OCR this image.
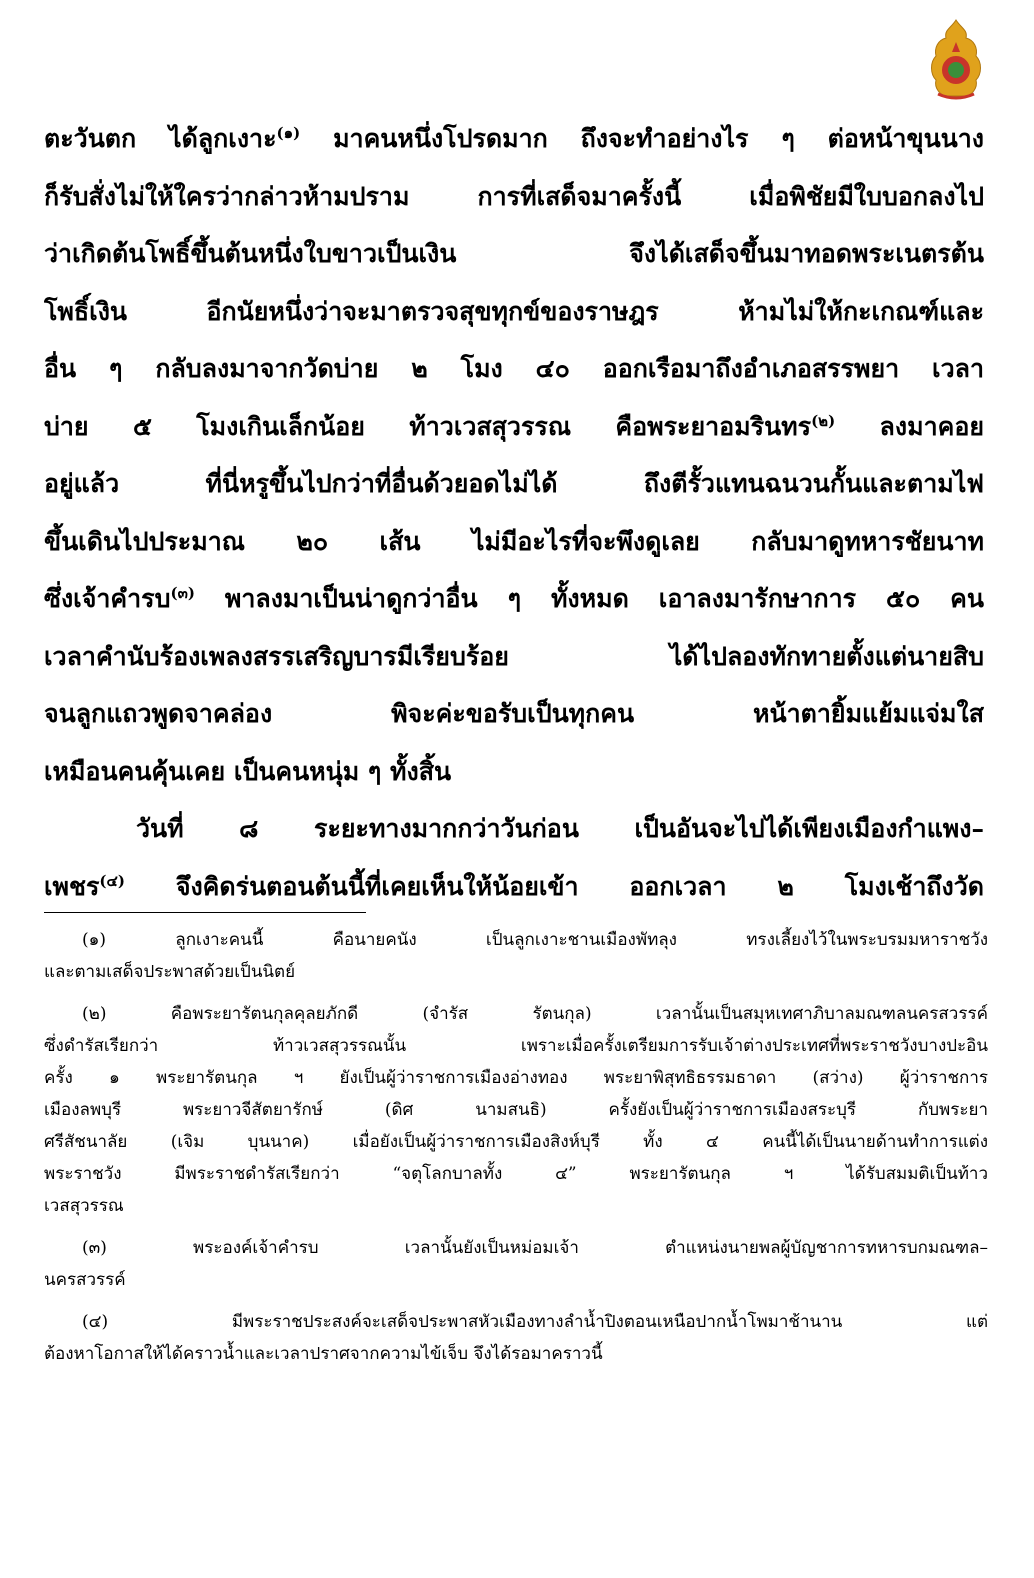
ตะวันตก ได้ลูกเงาะ$^{(๑)}$ มาคนหนึ่งโปรดมาก ถึงจะทำอย่างไร ๆ ต่อหน้าขุนนาง
ก็รับสั่งไม่ให้ใครว่ากล่าวห้ามปราม การที่เสด็จมาครั้งนี้ เมื่อพิชัยมีใบบอกลงไป
ว่าเกิดต้นโพธิ์ขึ้นต้นหนึ่งใบขาวเป็นเงิน จึงได้เสด็จขึ้นมาทอดพระเนตรต้น
โพธิ์เงิน อีกนัยหนึ่งว่าจะมาตรวจสุขทุกข์ของราษฎร ห้ามไม่ให้กะเกณฑ์และ
อื่น ๆ กลับลงมาจากวัดบ่าย ๒ โมง ๔๐ ออกเรือมาถึงอำเภอสรรพยา เวลา
บ่าย ๕ โมงเกินเล็กน้อย ท้าวเวสสุวรรณ คือพระยาอมรินทร$^{(๒)}$ ลงมาคอย
อยู่แล้ว ที่นี่หรูขึ้นไปกว่าที่อื่นด้วยอดไม่ได้ ถึงตีรั้วแทนฉนวนกั้นและตามไฟ
ขึ้นเดินไปประมาณ ๒๐ เส้น ไม่มีอะไรที่จะพึงดูเลย กลับมาดูทหารชัยนาท
ซึ่งเจ้าคำรบ$^{(๓)}$ พาลงมาเป็นน่าดูกว่าอื่น ๆ ทั้งหมด เอาลงมารักษาการ ๕๐ คน
เวลาคำนับร้องเพลงสรรเสริญบารมีเรียบร้อย ได้ไปลองทักทายตั้งแต่นายสิบ
จนลูกแถวพูดจาคล่อง พิจะค่ะขอรับเป็นทุกคน หน้าตายิ้มแย้มแจ่มใส
เหมือนคนคุ้นเคย เป็นคนหนุ่ม ๆ ทั้งสิ้น
วันที่ ๘ ระยะทางมากกว่าวันก่อน เป็นอันจะไปได้เพียงเมืองกำแพง–
เพชร$^{(๔)}$ จึงคิดร่นตอนต้นนี้ที่เคยเห็นให้น้อยเข้า ออกเวลา ๒ โมงเช้าถึงวัด
(๑) ลูกเงาะคนนี้ คือนายคนัง เป็นลูกเงาะชานเมืองพัทลุง ทรงเลี้ยงไว้ในพระบรมมหาราชวัง
และตามเสด็จประพาสด้วยเป็นนิตย์
(๒) คือพระยารัตนกุลคุลยภักดี (จำรัส รัตนกุล) เวลานั้นเป็นสมุหเทศาภิบาลมณฑลนครสวรรค์
ซึ่งดำรัสเรียกว่า ท้าวเวสสุวรรณนั้น เพราะเมื่อครั้งเตรียมการรับเจ้าต่างประเทศที่พระราชวังบางปะอิน
ครั้ง ๑ พระยารัตนกุล ฯ ยังเป็นผู้ว่าราชการเมืองอ่างทอง พระยาพิสุทธิธรรมธาดา (สว่าง) ผู้ว่าราชการ
เมืองลพบุรี พระยาวจีสัตยารักษ์ (ดิศ นามสนธิ) ครั้งยังเป็นผู้ว่าราชการเมืองสระบุรี กับพระยา
ศรีสัชนาลัย (เจิม บุนนาค) เมื่อยังเป็นผู้ว่าราชการเมืองสิงห์บุรี ทั้ง ๔ คนนี้ได้เป็นนายด้านทำการแต่ง
พระราชวัง มีพระราชดำรัสเรียกว่า “จตุโลกบาลทั้ง ๔” พระยารัตนกุล ฯ ได้รับสมมติเป็นท้าว
เวสสุวรรณ
(๓) พระองค์เจ้าคำรบ เวลานั้นยังเป็นหม่อมเจ้า ตำแหน่งนายพลผู้บัญชาการทหารบกมณฑล–
นครสวรรค์
(๔) มีพระราชประสงค์จะเสด็จประพาสหัวเมืองทางลำน้ำปิงตอนเหนือปากน้ำโพมาช้านาน แต่
ต้องหาโอกาสให้ได้คราวน้ำและเวลาปราศจากความไข้เจ็บ จึงได้รอมาคราวนี้
